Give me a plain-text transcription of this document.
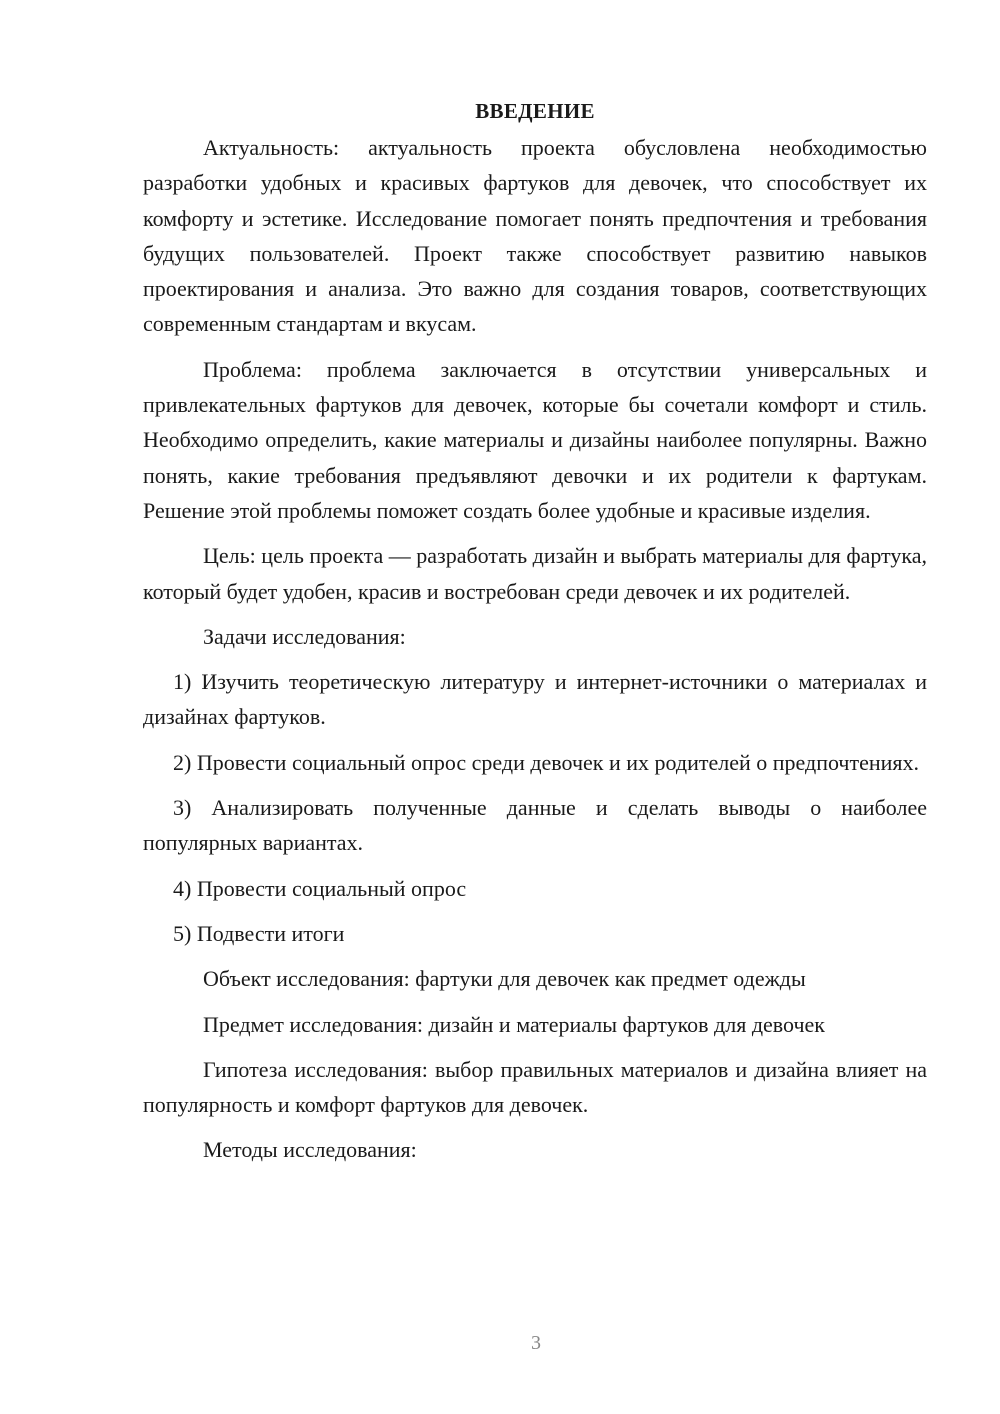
ВВЕДЕНИЕ

Актуальность: актуальность проекта обусловлена необходимостью разработки удобных и красивых фартуков для девочек, что способствует их комфорту и эстетике. Исследование помогает понять предпочтения и требования будущих пользователей. Проект также способствует развитию навыков проектирования и анализа. Это важно для создания товаров, соответствующих современным стандартам и вкусам.

Проблема: проблема заключается в отсутствии универсальных и привлекательных фартуков для девочек, которые бы сочетали комфорт и стиль. Необходимо определить, какие материалы и дизайны наиболее популярны. Важно понять, какие требования предъявляют девочки и их родители к фартукам. Решение этой проблемы поможет создать более удобные и красивые изделия.

Цель: цель проекта — разработать дизайн и выбрать материалы для фартука, который будет удобен, красив и востребован среди девочек и их родителей.

Задачи исследования:

1) Изучить теоретическую литературу и интернет-источники о материалах и дизайнах фартуков.

2) Провести социальный опрос среди девочек и их родителей о предпочтениях.

3) Анализировать полученные данные и сделать выводы о наиболее популярных вариантах.

4) Провести социальный опрос

5) Подвести итоги

Объект исследования: фартуки для девочек как предмет одежды

Предмет исследования: дизайн и материалы фартуков для девочек

Гипотеза исследования: выбор правильных материалов и дизайна влияет на популярность и комфорт фартуков для девочек.

Методы исследования:

3
